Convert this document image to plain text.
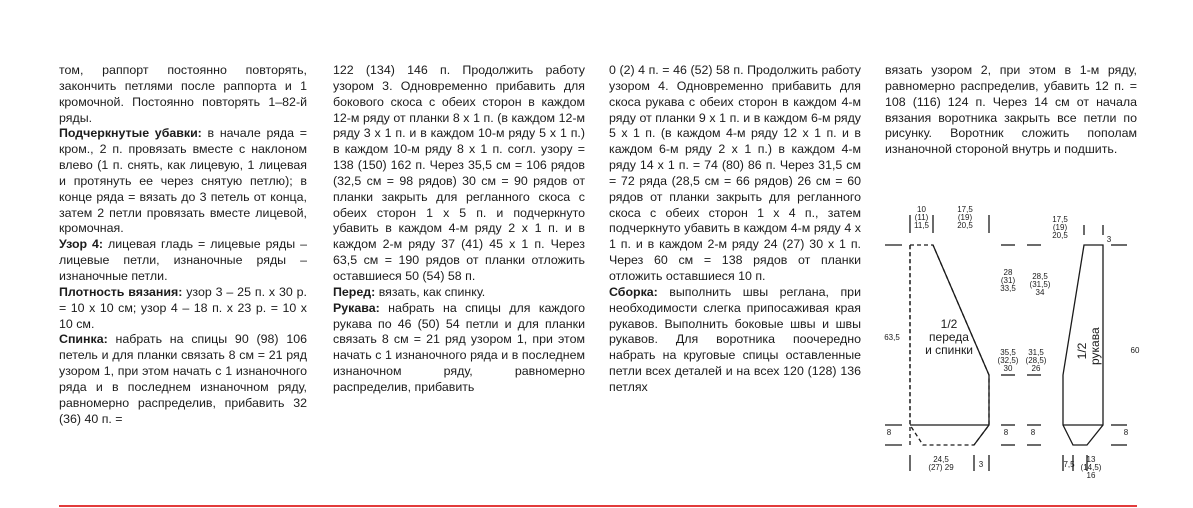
том, раппорт постоянно повторять, закончить петлями после раппорта и 1 кромочной. Постоянно повторять 1–82-й ряды.

Подчеркнутые убавки: в начале ряда = кром., 2 п. провязать вместе с наклоном влево (1 п. снять, как лицевую, 1 лицевая и протянуть ее через снятую петлю); в конце ряда = вязать до 3 петель от конца, затем 2 петли провязать вместе лицевой, кромочная.

Узор 4: лицевая гладь = лицевые ряды – лицевые петли, изнаночные ряды – изнаночные петли.

Плотность вязания: узор 3 – 25 п. х 30 р. = 10 х 10 см; узор 4 – 18 п. х 23 р. = 10 х 10 см.

Спинка: набрать на спицы 90 (98) 106 петель и для планки связать 8 см = 21 ряд узором 1, при этом начать с 1 изнаночного ряда и в последнем изнаночном ряду, равномерно распределив, прибавить 32 (36) 40 п. =

122 (134) 146 п. Продолжить работу узором 3. Одновременно прибавить для бокового скоса с обеих сторон в каждом 12-м ряду от планки 8 х 1 п. (в каждом 12-м ряду 3 х 1 п. и в каждом 10-м ряду 5 х 1 п.) в каждом 10-м ряду 8 х 1 п. согл. узору = 138 (150) 162 п. Через 35,5 см = 106 рядов (32,5 см = 98 рядов) 30 см = 90 рядов от планки закрыть для регланного скоса с обеих сторон 1 х 5 п. и подчеркнуто убавить в каждом 4-м ряду 2 х 1 п. и в каждом 2-м ряду 37 (41) 45 х 1 п. Через 63,5 см = 190 рядов от планки отложить оставшиеся 50 (54) 58 п.

Перед: вязать, как спинку.

Рукава: набрать на спицы для каждого рукава по 46 (50) 54 петли и для планки связать 8 см = 21 ряд узором 1, при этом начать с 1 изнаночного ряда и в последнем изнаночном ряду, равномерно распределив, прибавить

0 (2) 4 п. = 46 (52) 58 п. Продолжить работу узором 4. Одновременно прибавить для скоса рукава с обеих сторон в каждом 4-м ряду от планки 9 х 1 п. и в каждом 6-м ряду 5 х 1 п. (в каждом 4-м ряду 12 х 1 п. и в каждом 6-м ряду 2 х 1 п.) в каждом 4-м ряду 14 х 1 п. = 74 (80) 86 п. Через 31,5 см = 72 ряда (28,5 см = 66 рядов) 26 см = 60 рядов от планки закрыть для регланного скоса с обеих сторон 1 х 4 п., затем подчеркнуто убавить в каждом 4-м ряду 4 х 1 п. и в каждом 2-м ряду 24 (27) 30 х 1 п. Через 60 см = 138 рядов от планки отложить оставшиеся 10 п.

Сборка: выполнить швы реглана, при необходимости слегка припосаживая края рукавов. Выполнить боковые швы и швы рукавов. Для воротника поочередно набрать на круговые спицы оставленные петли всех деталей и на всех 120 (128) 136 петлях

вязать узором 2, при этом в 1-м ряду, равномерно распределив, убавить 12 п. = 108 (116) 124 п. Через 14 см от начала вязания воротника закрыть все петли по рисунку. Воротник сложить пополам изнаночной стороной внутрь и подшить.

1/2
переда
и спинки	1/2
рукава
10
(11)
11,5
17,5
(19)
20,5
28
(31)
33,5
28,5
(31,5)
34
63,5
35,5
(32,5)
30
31,5
(28,5)
26
60
8	8	8	8
24,5
(27) 29	3
17,5
(19)
20,5	3
7,5
13
(14,5)
16
